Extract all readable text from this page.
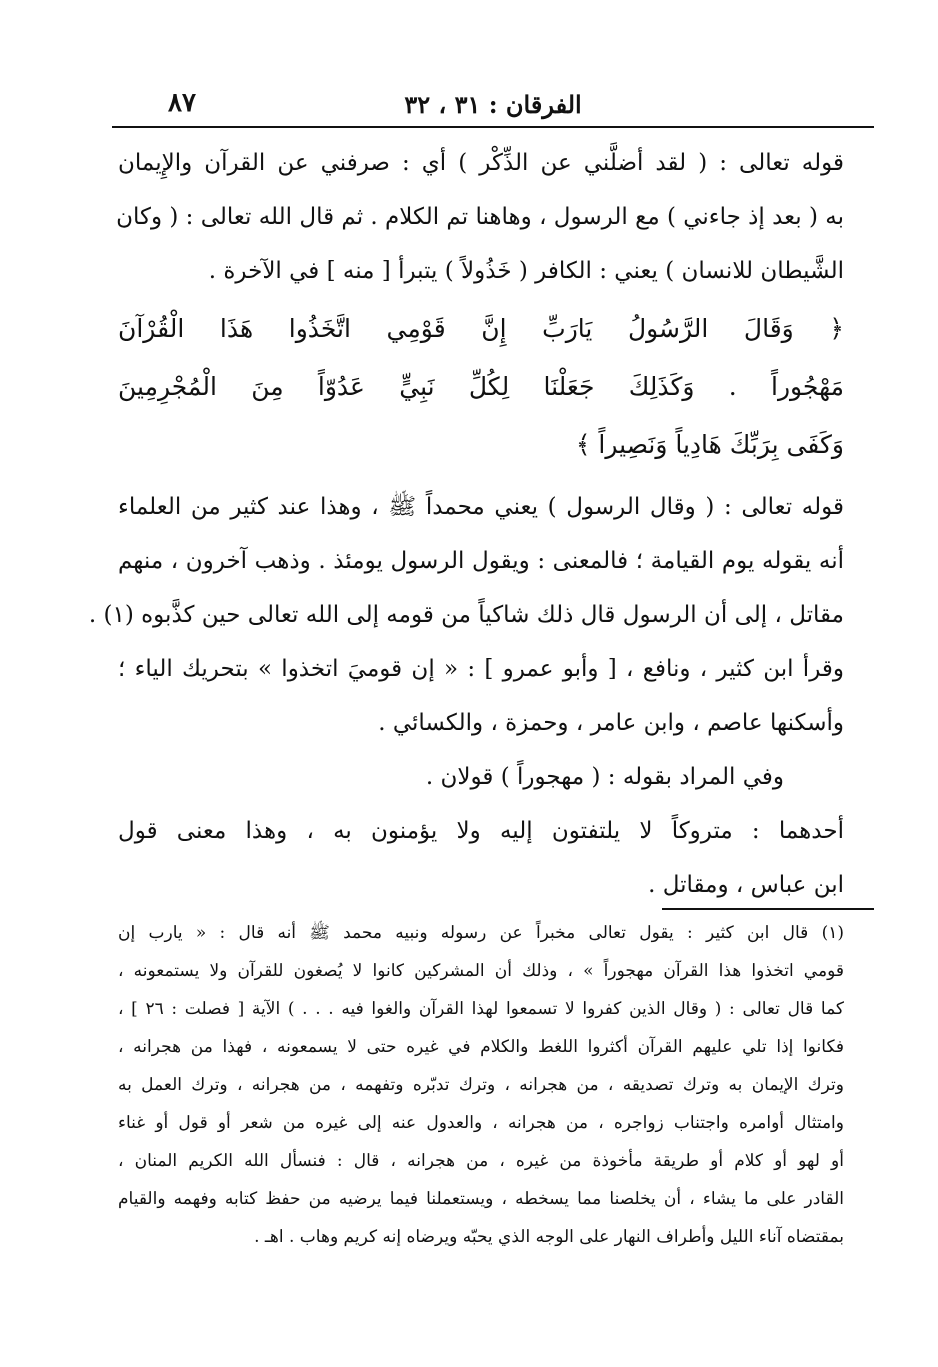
٨٧	الفرقان : ٣١ ، ٣٢
قوله تعالى : ( لقد أضلَّني عن الذِّكْر ) أي : صرفني عن القرآن والإِيمان
به ( بعد إذ جاءني ) مع الرسول ، وهاهنا تم الكلام . ثم قال الله تعالى : ( وكان
الشَّيطان للانسان ) يعني : الكافر ( خَذُولاً ) يتبرأ [ منه ] في الآخرة .
﴿ وَقَالَ الرَّسُولُ يَارَبِّ إِنَّ قَوْمِي اتَّخَذُوا هَذَا الْقُرْآنَ
مَهْجُوراً . وَكَذَلِكَ جَعَلْنَا لِكُلِّ نَبِيٍّ عَدُوّاً مِنَ الْمُجْرِمِينَ
وَكَفَى بِرَبِّكَ هَادِياً وَنَصِيراً ﴾
قوله تعالى : ( وقال الرسول ) يعني محمداً ﷺ ، وهذا عند كثير من العلماء
أنه يقوله يوم القيامة ؛ فالمعنى : ويقول الرسول يومئذ . وذهب آخرون ، منهم
مقاتل ، إلى أن الرسول قال ذلك شاكياً من قومه إلى الله تعالى حين كذَّبوه (١) .
وقرأ ابن كثير ، ونافع ، [ وأبو عمرو ] : « إن قوميَ اتخذوا » بتحريك الياء ؛
وأسكنها عاصم ، وابن عامر ، وحمزة ، والكسائي .
وفي المراد بقوله : ( مهجوراً ) قولان .
أحدهما : متروكاً لا يلتفتون إليه ولا يؤمنون به ، وهذا معنى قول
ابن عباس ، ومقاتل .
(١) قال ابن كثير : يقول تعالى مخبراً عن رسوله ونبيه محمد ﷺ أنه قال : « يارب إن
قومي اتخذوا هذا القرآن مهجوراً » ، وذلك أن المشركين كانوا لا يُصغون للقرآن ولا يستمعونه ،
كما قال تعالى : ( وقال الذين كفروا لا تسمعوا لهذا القرآن والغوا فيه . . . ) الآية [ فصلت : ٢٦ ] ،
فكانوا إذا تلي عليهم القرآن أكثروا اللغط والكلام في غيره حتى لا يسمعونه ، فهذا من هجرانه ،
وترك الإيمان به وترك تصديقه ، من هجرانه ، وترك تدبّره وتفهمه ، من هجرانه ، وترك العمل به
وامتثال أوامره واجتناب زواجره ، من هجرانه ، والعدول عنه إلى غيره من شعر أو قول أو غناء
أو لهو أو كلام أو طريقة مأخوذة من غيره ، من هجرانه ، قال : فنسأل الله الكريم المنان ،
القادر على ما يشاء ، أن يخلصنا مما يسخطه ، ويستعملنا فيما يرضيه من حفظ كتابه وفهمه والقيام
بمقتضاه آناء الليل وأطراف النهار على الوجه الذي يحبّه ويرضاه إنه كريم وهاب . اهـ .
